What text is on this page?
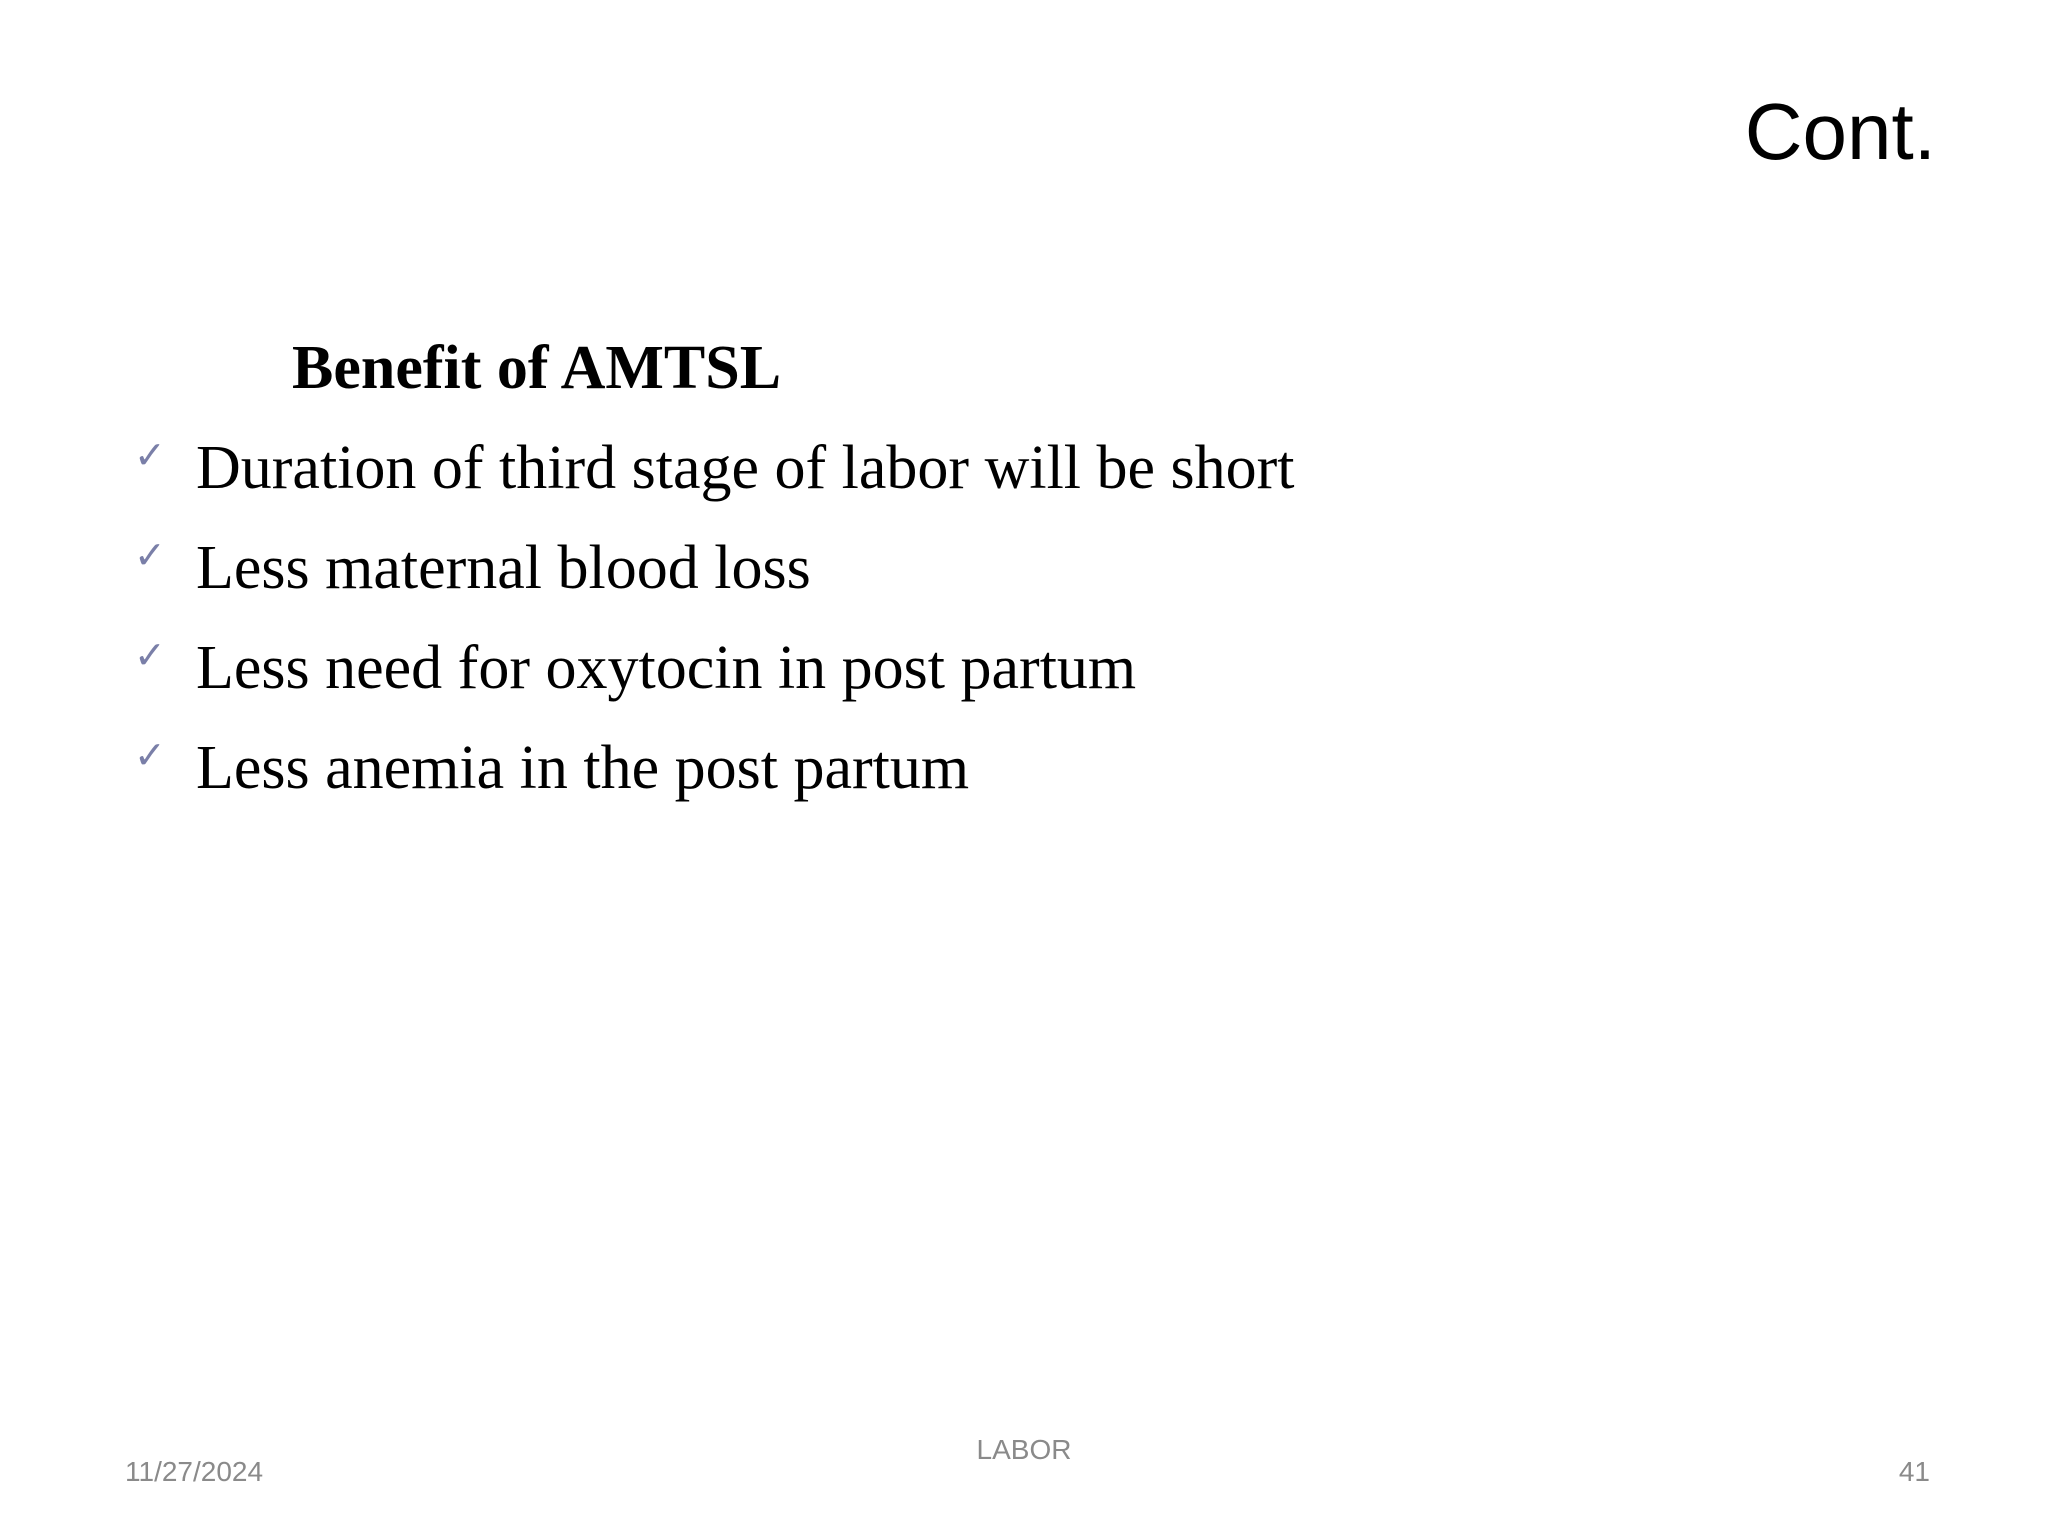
Cont.
Benefit of AMTSL
✓ Duration of third stage of labor will be short
✓ Less maternal blood loss
✓ Less need for oxytocin in post partum
✓ Less anemia in the post partum
11/27/2024
LABOR
41
